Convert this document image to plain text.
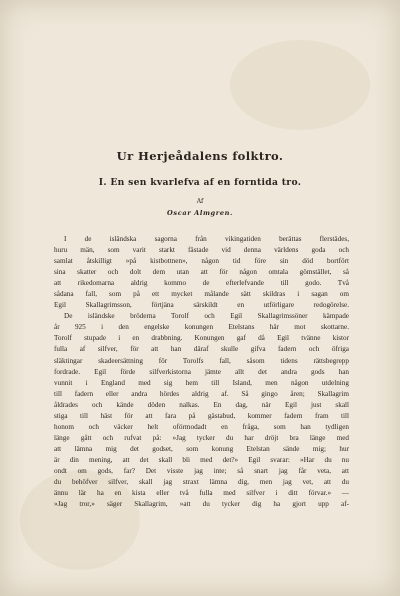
Ur Herjeådalens folktro.
I. En sen kvarlefva af en forntida tro.

Af

Oscar Almgren.

I de isländska sagorna från vikingatiden berättas flerstädes,
huru män, som varit starkt fästade vid denna världens goda och
samlat åtskilligt »på kistbottnen», någon tid före sin död bortfört
sina skatter och dolt dem utan att för någon omtala gömstället, så
att rikedomarna aldrig kommo de efterlefvande till godo. Två
sådana fall, som på ett mycket målande sätt skildras i sagan om
Egil Skallagrimsson, förtjäna särskildt en utförligare redogörelse.
De isländske bröderna Torolf och Egil Skallagrimssöner kämpade
år 925 i den engelske konungen Etelstans här mot skottarne.
Torolf stupade i en drabbning. Konungen gaf då Egil tvänne kistor
fulla af silfver, för att han däraf skulle gifva fadern och öfriga
släktingar skadeersättning för Torolfs fall, såsom tidens rättsbegrepp
fordrade. Egil förde silfverkistorna jämte allt det andra gods han
vunnit i England med sig hem till Island, men någon utdelning
till fadern eller andra hördes aldrig af. Så gingo åren; Skallagrim
åldrades och kände döden nalkas. En dag, när Egil just skall
stiga till häst för att fara på gästabud, kommer fadern fram till
honom och väcker helt oförmodadt en fråga, som han tydligen
länge gått och rufvat på: »Jag tycker du har dröjt bra länge med
att lämna mig det godset, som konung Etelstan sände mig; hur
är din mening, att det skall bli med det?» Egil svarar: »Har du nu
ondt om gods, far? Det visste jag inte; så snart jag får veta, att
du behöfver silfver, skall jag straxt lämna dig, men jag vet, att du
ännu lär ha en kista eller två fulla med silfver i ditt förvar.» —
»Jag tror,» säger Skallagrim, »att du tycker dig ha gjort upp af-
